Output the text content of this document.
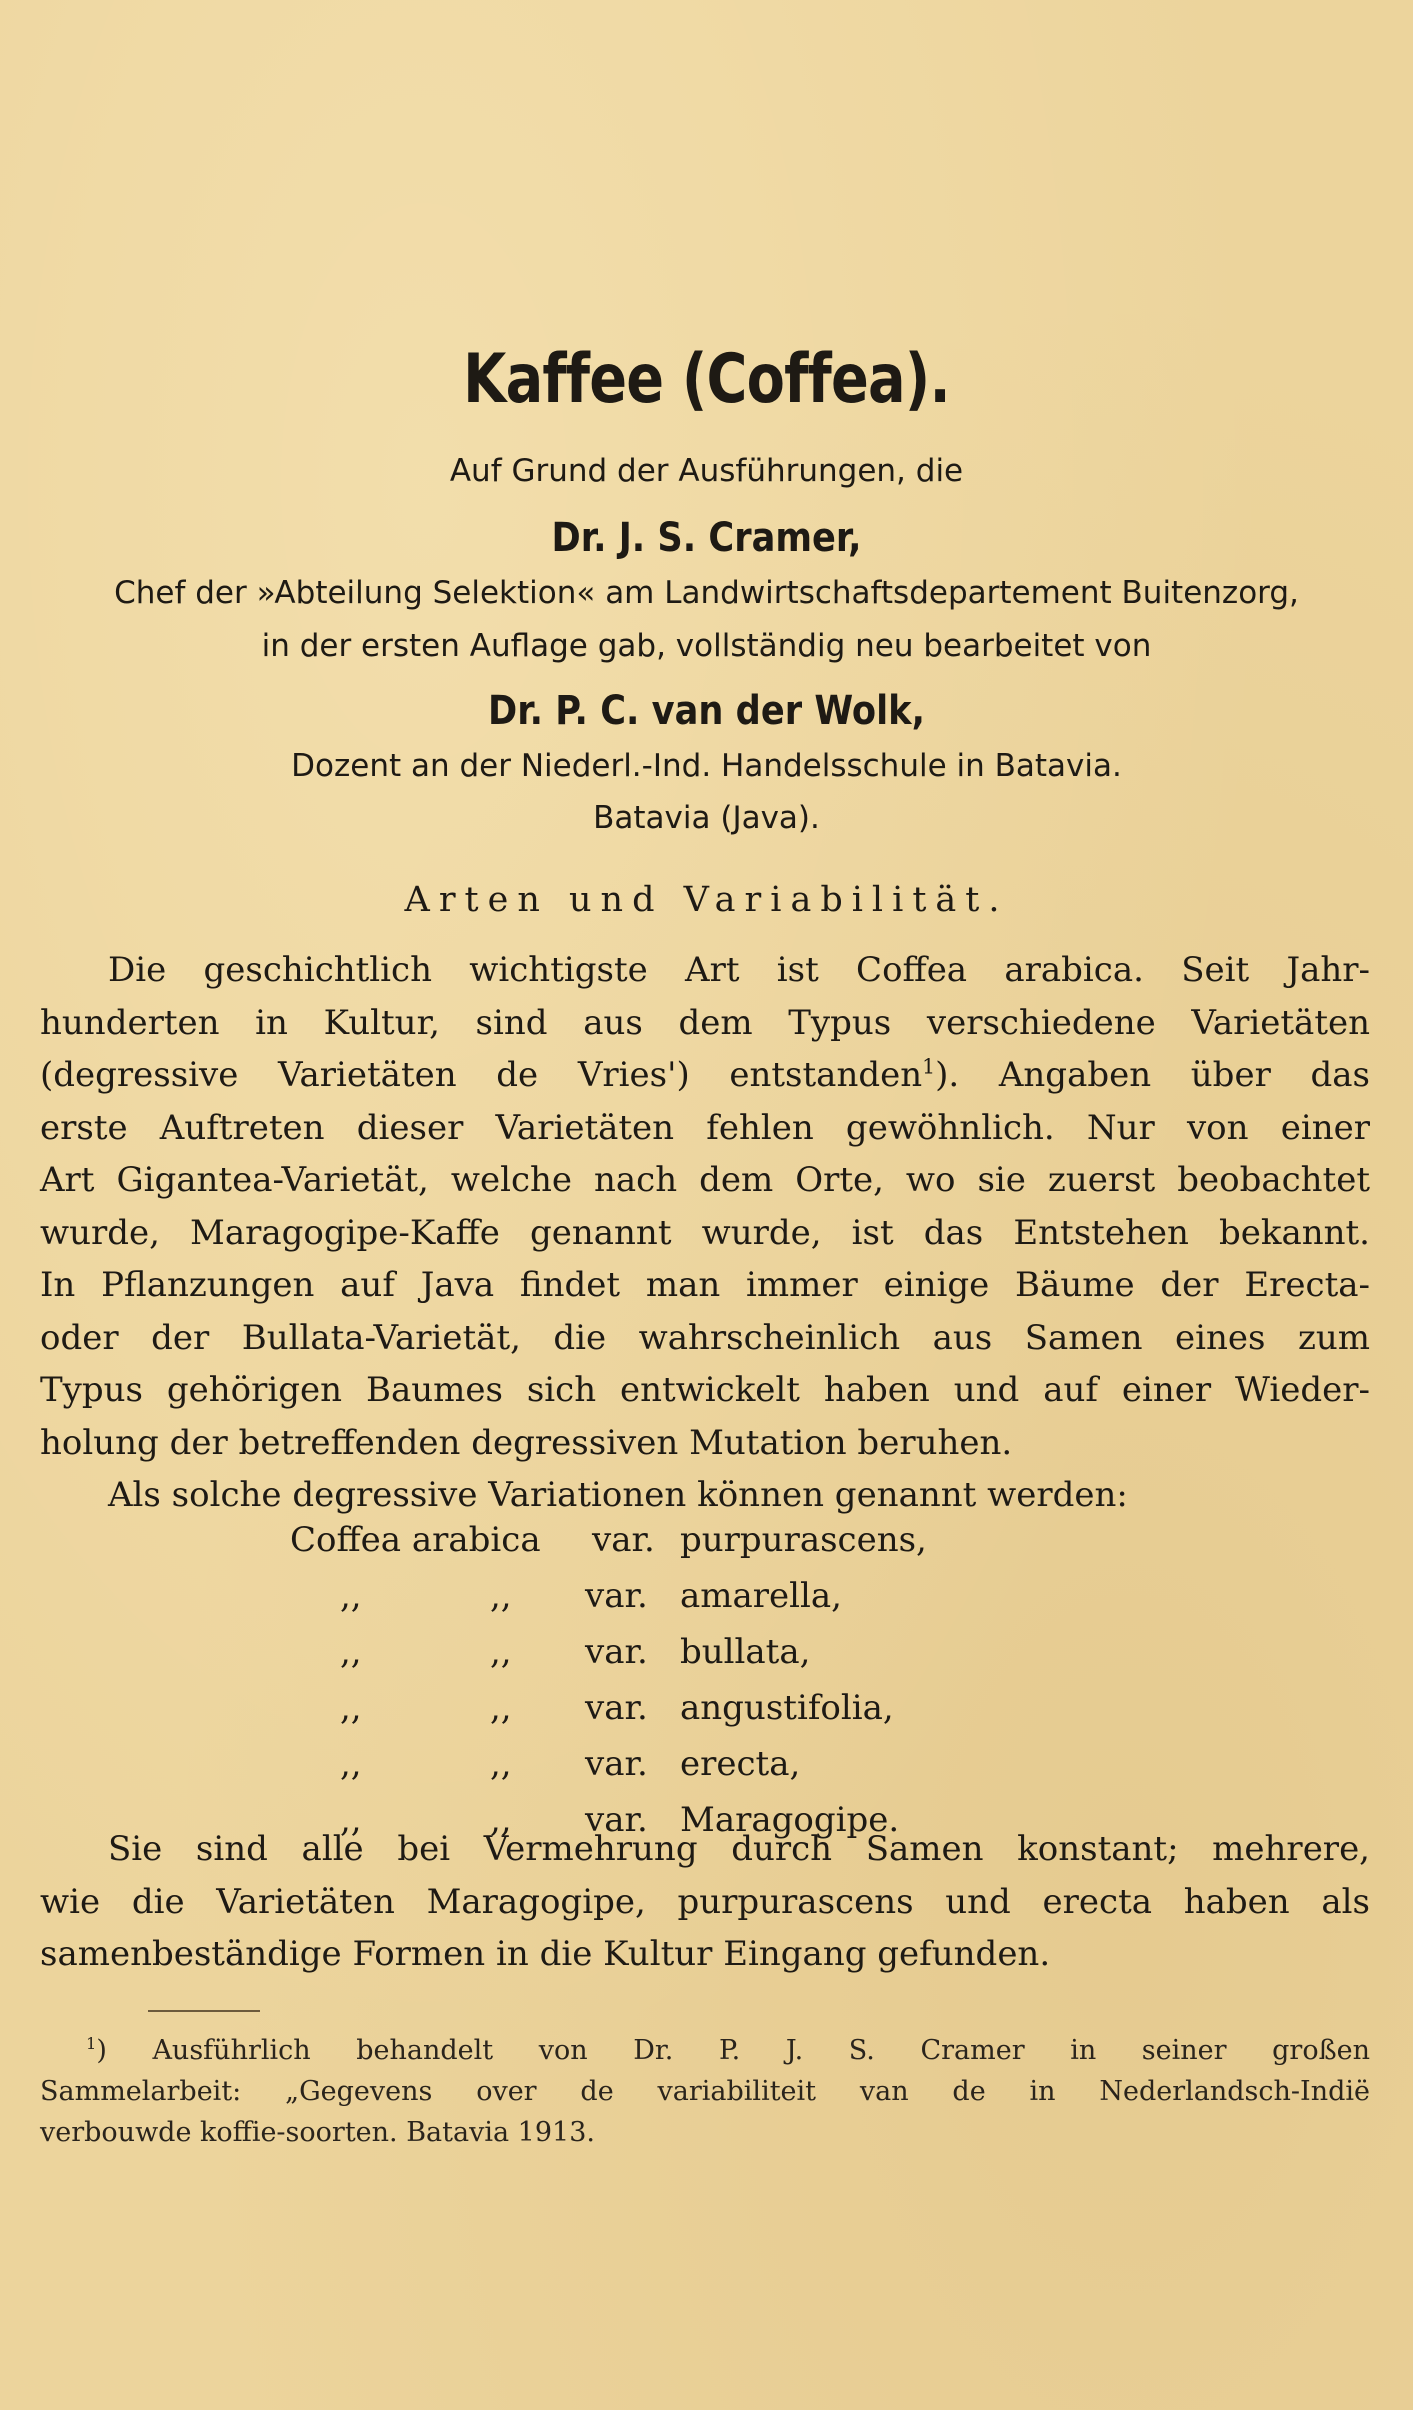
Kaffee (Coffea).
Auf Grund der Ausführungen, die
Dr. J. S. Cramer,
Chef der »Abteilung Selektion« am Landwirtschaftsdepartement Buitenzorg,
in der ersten Auflage gab, vollständig neu bearbeitet von
Dr. P. C. van der Wolk,
Dozent an der Niederl.-Ind. Handelsschule in Batavia.
Batavia (Java).
Arten und Variabilität.
Die geschichtlich wichtigste Art ist Coffea arabica. Seit Jahr-
hunderten in Kultur, sind aus dem Typus verschiedene Varietäten
(degressive Varietäten de Vries') entstanden$^1$). Angaben über das
erste Auftreten dieser Varietäten fehlen gewöhnlich. Nur von einer
Art Gigantea-Varietät, welche nach dem Orte, wo sie zuerst beobachtet
wurde, Maragogipe-Kaffe genannt wurde, ist das Entstehen bekannt.
In Pflanzungen auf Java findet man immer einige Bäume der Erecta-
oder der Bullata-Varietät, die wahrscheinlich aus Samen eines zum
Typus gehörigen Baumes sich entwickelt haben und auf einer Wieder-
holung der betreffenden degressiven Mutation beruhen.
Als solche degressive Variationen können genannt werden:
Coffea arabica var. purpurascens,
,,	,, var. amarella,
,,	,, var. bullata,
,,	,, var. angustifolia,
,,	,, var. erecta,
,,	,, var. Maragogipe.
Sie sind alle bei Vermehrung durch Samen konstant; mehrere,
wie die Varietäten Maragogipe, purpurascens und erecta haben als
samenbeständige Formen in die Kultur Eingang gefunden.
$^1$) Ausführlich behandelt von Dr. P. J. S. Cramer in seiner großen
Sammelarbeit: „Gegevens over de variabiliteit van de in Nederlandsch-Indië
verbouwde koffie-soorten. Batavia 1913.
